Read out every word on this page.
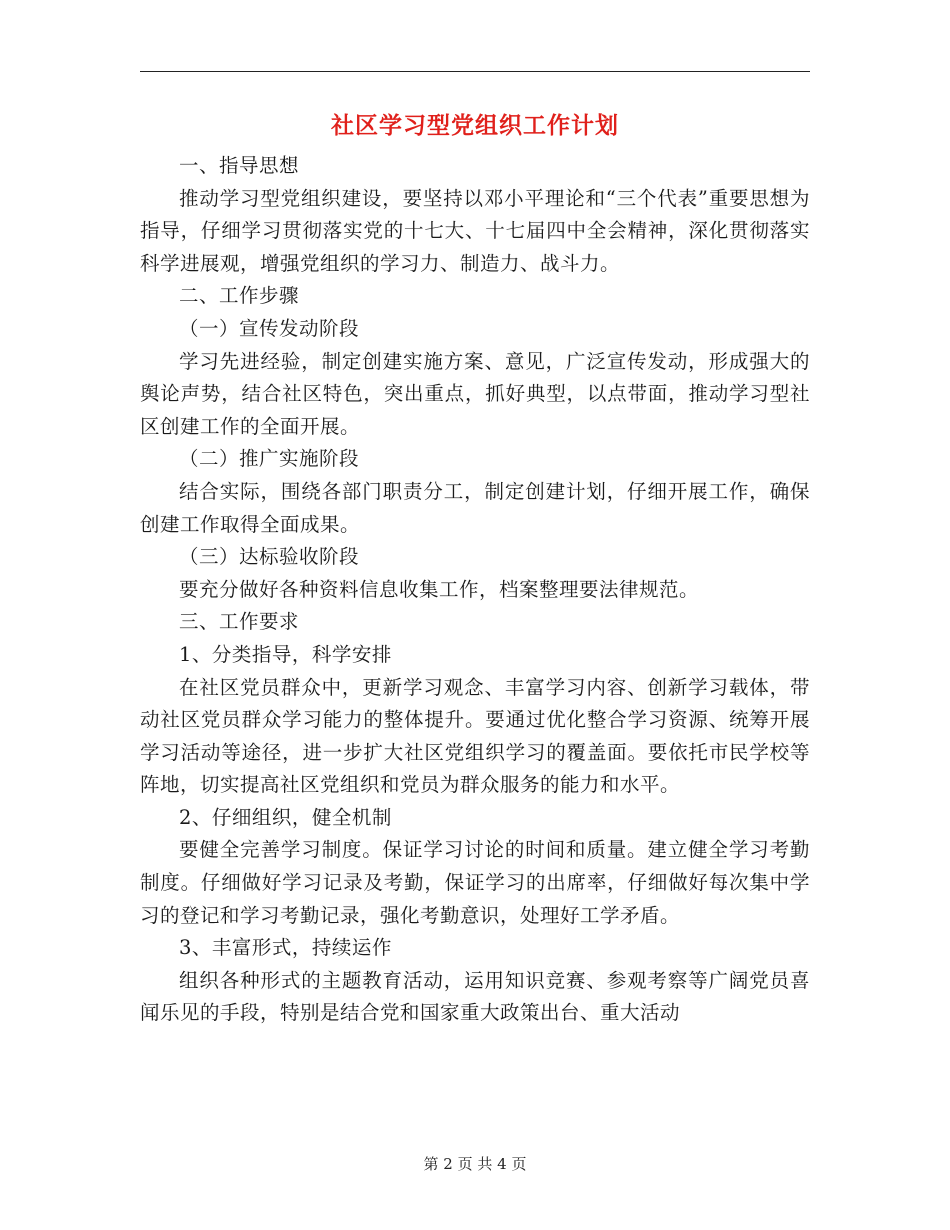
社区学习型党组织工作计划

一、指导思想

推动学习型党组织建设，要坚持以邓小平理论和“三个代表”重要思想为指导，仔细学习贯彻落实党的十七大、十七届四中全会精神，深化贯彻落实科学进展观，增强党组织的学习力、制造力、战斗力。

二、工作步骤

（一）宣传发动阶段

学习先进经验，制定创建实施方案、意见，广泛宣传发动，形成强大的舆论声势，结合社区特色，突出重点，抓好典型，以点带面，推动学习型社区创建工作的全面开展。

（二）推广实施阶段

结合实际，围绕各部门职责分工，制定创建计划，仔细开展工作，确保创建工作取得全面成果。

（三）达标验收阶段

要充分做好各种资料信息收集工作，档案整理要法律规范。

三、工作要求

1、分类指导，科学安排

在社区党员群众中，更新学习观念、丰富学习内容、创新学习载体，带动社区党员群众学习能力的整体提升。要通过优化整合学习资源、统筹开展学习活动等途径，进一步扩大社区党组织学习的覆盖面。要依托市民学校等阵地，切实提高社区党组织和党员为群众服务的能力和水平。

2、仔细组织，健全机制

要健全完善学习制度。保证学习讨论的时间和质量。建立健全学习考勤制度。仔细做好学习记录及考勤，保证学习的出席率，仔细做好每次集中学习的登记和学习考勤记录，强化考勤意识，处理好工学矛盾。

3、丰富形式，持续运作

组织各种形式的主题教育活动，运用知识竞赛、参观考察等广阔党员喜闻乐见的手段，特别是结合党和国家重大政策出台、重大活动

第 2 页 共 4 页
